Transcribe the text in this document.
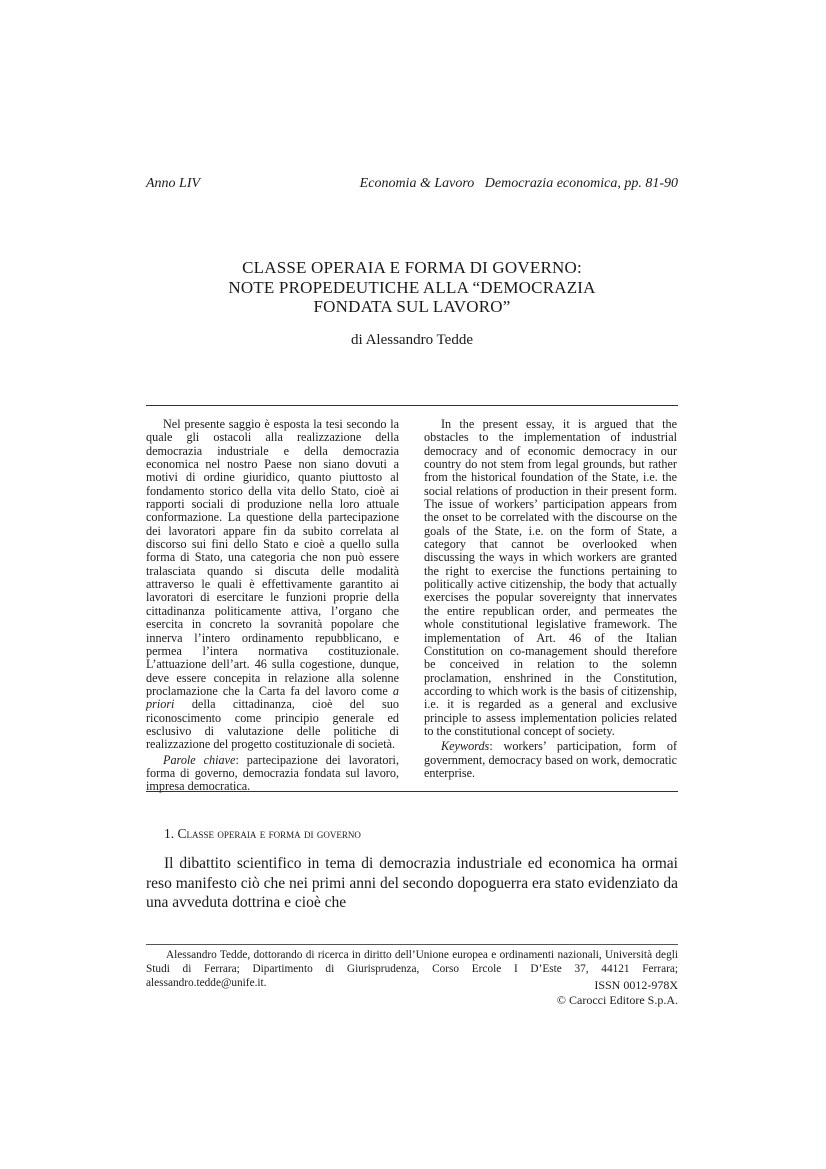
Anno LIV	Economia & Lavoro   Democrazia economica, pp. 81-90
CLASSE OPERAIA E FORMA DI GOVERNO:
NOTE PROPEDEUTICHE ALLA “DEMOCRAZIA
FONDATA SUL LAVORO”
di Alessandro Tedde

Nel presente saggio è esposta la tesi secondo la quale gli ostacoli alla realizzazione della democrazia industriale e della democrazia economica nel nostro Paese non siano dovuti a motivi di ordine giuridico, quanto piuttosto al fondamento storico della vita dello Stato, cioè ai rapporti sociali di produzione nella loro attuale conformazione. La questione della partecipazione dei lavoratori appare fin da subito correlata al discorso sui fini dello Stato e cioè a quello sulla forma di Stato, una categoria che non può essere tralasciata quando si discuta delle modalità attraverso le quali è effettivamente garantito ai lavoratori di esercitare le funzioni proprie della cittadinanza politicamente attiva, l’organo che esercita in concreto la sovranità popolare che innerva l’intero ordinamento repubblicano, e permea l’intera normativa costituzionale. L’attuazione dell’art. 46 sulla cogestione, dunque, deve essere concepita in relazione alla solenne proclamazione che la Carta fa del lavoro come a priori della cittadinanza, cioè del suo riconoscimento come principio generale ed esclusivo di valutazione delle politiche di realizzazione del progetto costituzionale di società.

Parole chiave: partecipazione dei lavoratori, forma di governo, democrazia fondata sul lavoro, impresa democratica.

In the present essay, it is argued that the obstacles to the implementation of industrial democracy and of economic democracy in our country do not stem from legal grounds, but rather from the historical foundation of the State, i.e. the social relations of production in their present form. The issue of workers’ participation appears from the onset to be correlated with the discourse on the goals of the State, i.e. on the form of State, a category that cannot be overlooked when discussing the ways in which workers are granted the right to exercise the functions pertaining to politically active citizenship, the body that actually exercises the popular sovereignty that innervates the entire republican order, and permeates the whole constitutional legislative framework. The implementation of Art. 46 of the Italian Constitution on co-management should therefore be conceived in relation to the solemn proclamation, enshrined in the Constitution, according to which work is the basis of citizenship, i.e. it is regarded as a general and exclusive principle to assess implementation policies related to the constitutional concept of society.

Keywords: workers’ participation, form of government, democracy based on work, democratic enterprise.

1. Classe operaia e forma di governo

Il dibattito scientifico in tema di democrazia industriale ed economica ha ormai reso manifesto ciò che nei primi anni del secondo dopoguerra era stato evidenziato da una avveduta dottrina e cioè che

Alessandro Tedde, dottorando di ricerca in diritto dell’Unione europea e ordinamenti nazionali, Università degli Studi di Ferrara; Dipartimento di Giurisprudenza, Corso Ercole I D’Este 37, 44121 Ferrara; alessandro.tedde@unife.it.	ISSN 0012-978X
© Carocci Editore S.p.A.
